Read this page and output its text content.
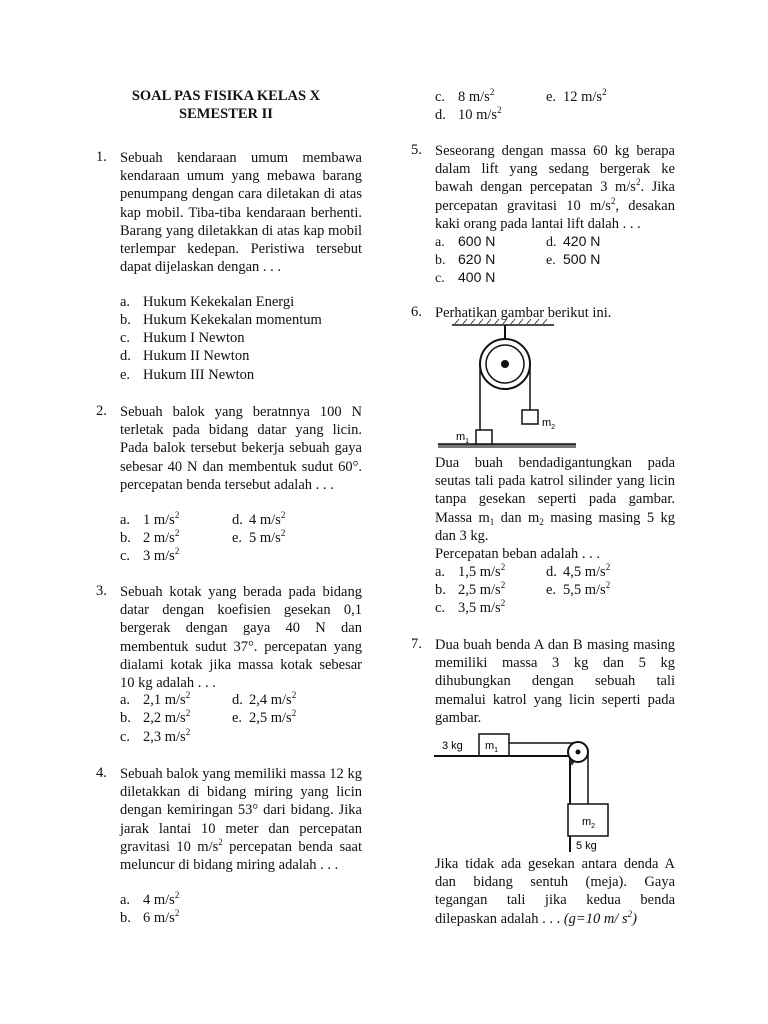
SOAL PAS FISIKA KELAS X
SEMESTER II
1. Sebuah kendaraan umum membawa kendaraan umum yang mebawa barang penumpang dengan cara diletakan di atas kap mobil. Tiba-tiba kendaraan berhenti. Barang yang diletakkan di atas kap mobil terlempar kedepan. Peristiwa tersebut dapat dijelaskan dengan . . .
a. Hukum Kekekalan Energi
b. Hukum Kekekalan momentum
c. Hukum I Newton
d. Hukum II Newton
e. Hukum III Newton
2. Sebuah balok yang beratnnya 100 N terletak pada bidang datar yang licin. Pada balok tersebut bekerja sebuah gaya sebesar 40 N dan membentuk sudut 60°. percepatan benda tersebut adalah . . .
a. 1 $m/s^2$	d. 4 $m/s^2$
b. 2 $m/s^2$	e. 5 $m/s^2$
c. 3 $m/s^2$
3. Sebuah kotak yang berada pada bidang datar dengan koefisien gesekan 0,1 bergerak dengan gaya 40 N dan membentuk sudut 37°. percepatan yang dialami kotak jika massa kotak sebesar 10 kg adalah . . .
a. 2,1 $m/s^2$	d. 2,4 $m/s^2$
b. 2,2 $m/s^2$	e. 2,5 $m/s^2$
c. 2,3 $m/s^2$
4. Sebuah balok yang memiliki massa 12 kg diletakkan di bidang miring yang licin dengan kemiringan 53° dari bidang. Jika jarak lantai 10 meter dan percepatan gravitasi 10 $m/s^2$ percepatan benda saat meluncur di bidang miring adalah . . .
a. 4 $m/s^2$
b. 6 $m/s^2$
c. 8 $m/s^2$	e. 12 $m/s^2$
d. 10 $m/s^2$
5. Seseorang dengan massa 60 kg berapa dalam lift yang sedang bergerak ke bawah dengan percepatan 3 $m/s^2$. Jika percepatan gravitasi 10 $m/s^2$, desakan kaki orang pada lantai lift dalah . . .
a. 600 N	d. 420 N
b. 620 N	e. 500 N
c. 400 N
6. Perhatikan gambar berikut ini.
$m_2$
$m_1$
Dua buah bendadigantungkan pada seutas tali pada katrol silinder yang licin tanpa gesekan seperti pada gambar. Massa $m_1$ dan $m_2$ masing masing 5 kg dan 3 kg.
Percepatan beban adalah . . .
a. 1,5 $m/s^2$	d. 4,5 $m/s^2$
b. 2,5 $m/s^2$	e. 5,5 $m/s^2$
c. 3,5 $m/s^2$
7. Dua buah benda A dan B masing masing memiliki massa 3 kg dan 5 kg dihubungkan dengan sebuah tali memalui katrol yang licin seperti pada gambar.
3 kg $m_1$
$m_2$
5 kg
Jika tidak ada gesekan antara denda A dan bidang sentuh (meja). Gaya tegangan tali jika kedua benda dilepaskan adalah . . . (g=10 m/ $s^2$)
